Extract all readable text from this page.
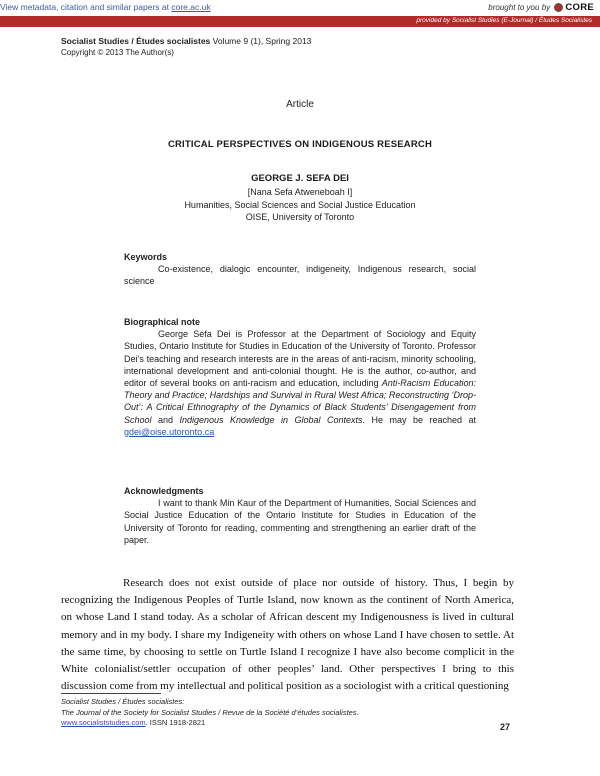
View metadata, citation and similar papers at core.ac.uk	brought to you by CORE
provided by Socialist Studies (E-Journal) / Études Socialistes
Socialist Studies / Études socialistes Volume 9 (1), Spring 2013
Copyright © 2013 The Author(s)
Article
CRITICAL PERSPECTIVES ON INDIGENOUS RESEARCH
GEORGE J. SEFA DEI
[Nana Sefa Atweneboah I]
Humanities, Social Sciences and Social Justice Education
OISE, University of Toronto
Keywords

Co-existence, dialogic encounter, indigeneity, Indigenous research, social science

Biographical note

George Sefa Dei is Professor at the Department of Sociology and Equity Studies, Ontario Institute for Studies in Education of the University of Toronto. Professor Dei’s teaching and research interests are in the areas of anti-racism, minority schooling, international development and anti-colonial thought. He is the author, co-author, and editor of several books on anti-racism and education, including Anti-Racism Education: Theory and Practice; Hardships and Survival in Rural West Africa; Reconstructing ‘Drop-Out’: A Critical Ethnography of the Dynamics of Black Students’ Disengagement from School and Indigenous Knowledge in Global Contexts. He may be reached at gdei@oise.utoronto.ca

Acknowledgments

I want to thank Min Kaur of the Department of Humanities, Social Sciences and Social Justice Education of the Ontario Institute for Studies in Education of the University of Toronto for reading, commenting and strengthening an earlier draft of the paper.

Research does not exist outside of place nor outside of history. Thus, I begin by recognizing the Indigenous Peoples of Turtle Island, now known as the continent of North America, on whose Land I stand today. As a scholar of African descent my Indigenousness is lived in cultural memory and in my body. I share my Indigeneity with others on whose Land I have chosen to settle. At the same time, by choosing to settle on Turtle Island I recognize I have also become complicit in the White colonialist/settler occupation of other peoples’ land. Other perspectives I bring to this discussion come from my intellectual and political position as a sociologist with a critical questioning

Socialist Studies / Études socialistes:
The Journal of the Society for Socialist Studies / Revue de la Société d’études socialistes.
www.socialiststudies.com. ISSN 1918-2821	27
